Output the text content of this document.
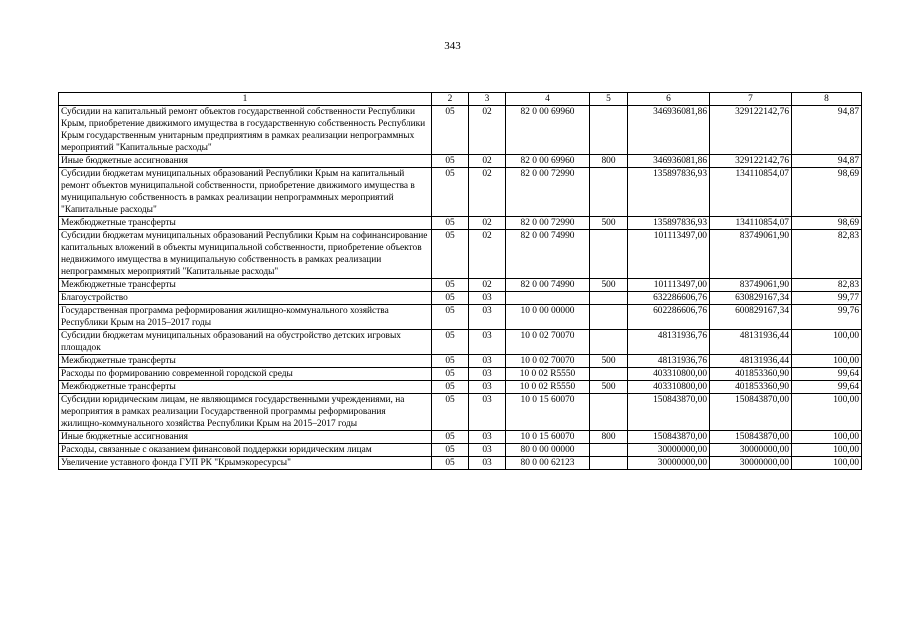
343
1	2	3	4	5	6	7	8
Субсидии на капитальный ремонт объектов государственной собственности Республики Крым, приобретение движимого имущества в государственную собственность Республики Крым государственным унитарным предприятиям в рамках реализации непрограммных мероприятий "Капитальные расходы"	05	02	82 0 00 69960		346936081,86	329122142,76	94,87
Иные бюджетные ассигнования	05	02	82 0 00 69960	800	346936081,86	329122142,76	94,87
Субсидии бюджетам муниципальных образований Республики Крым на капитальный ремонт объектов муниципальной собственности, приобретение движимого имущества в муниципальную собственность в рамках реализации непрограммных мероприятий "Капитальные расходы"	05	02	82 0 00 72990		135897836,93	134110854,07	98,69
Межбюджетные трансферты	05	02	82 0 00 72990	500	135897836,93	134110854,07	98,69
Субсидии бюджетам муниципальных образований Республики Крым на софинансирование капитальных вложений в объекты муниципальной собственности, приобретение объектов недвижимого имущества в муниципальную собственность в рамках реализации непрограммных мероприятий "Капитальные расходы"	05	02	82 0 00 74990		101113497,00	83749061,90	82,83
Межбюджетные трансферты	05	02	82 0 00 74990	500	101113497,00	83749061,90	82,83
Благоустройство	05	03			632286606,76	630829167,34	99,77
Государственная программа реформирования жилищно-коммунального хозяйства Республики Крым на 2015–2017 годы	05	03	10 0 00 00000		602286606,76	600829167,34	99,76
Субсидии бюджетам муниципальных образований на обустройство детских игровых площадок	05	03	10 0 02 70070		48131936,76	48131936,44	100,00
Межбюджетные трансферты	05	03	10 0 02 70070	500	48131936,76	48131936,44	100,00
Расходы по формированию современной городской среды	05	03	10 0 02 R5550		403310800,00	401853360,90	99,64
Межбюджетные трансферты	05	03	10 0 02 R5550	500	403310800,00	401853360,90	99,64
Субсидии юридическим лицам, не являющимся государственными учреждениями, на мероприятия в рамках реализации Государственной программы реформирования жилищно-коммунального хозяйства Республики Крым на 2015–2017 годы	05	03	10 0 15 60070		150843870,00	150843870,00	100,00
Иные бюджетные ассигнования	05	03	10 0 15 60070	800	150843870,00	150843870,00	100,00
Расходы, связанные с оказанием финансовой поддержки юридическим лицам	05	03	80 0 00 00000		30000000,00	30000000,00	100,00
Увеличение уставного фонда ГУП РК "Крымэкоресурсы"	05	03	80 0 00 62123		30000000,00	30000000,00	100,00
